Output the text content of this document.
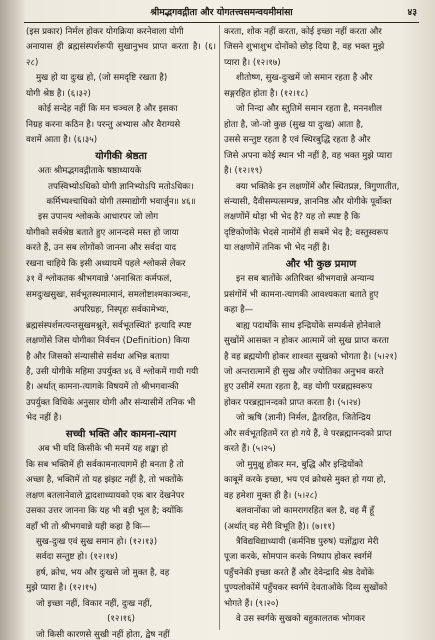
श्रीमद्भगवद्गीता और योगतत्त्वसमन्वयमीमांसा	४३

(इस प्रकार) निर्मल होकर योगक्रिया करनेवाला योगी

अनायास ही ब्रह्मसंस्पर्शरूपी सुखानुभव प्राप्त करता है। (६।२८)

मुख हो या दुःख हो, (जो समदृष्टि रखता है)

योगी श्रेष्ठ है। (६।३२)

कोई सन्देह नहीं कि मन चञ्चल है और इसका

निग्रह करना कठिन है। परन्तु अभ्यास और वैराग्यसे

वशमें आता है। (६।३५)

योगीकी श्रेष्ठता

अतः श्रीमद्भगवद्गीताके षष्ठाध्यायके

तपस्विभ्योऽधिको योगी ज्ञानिभ्योऽपि मतोऽधिकः।

कर्मिभ्यश्चाधिको योगी तस्माद्योगी भवार्जुन॥ ४६॥

इस उपान्त्य श्लोकके आधारपर जो लोग

योगीको सर्वश्रेष्ठ बताते हुए आनन्दसे मस्त हो जाया

करते हैं, उन सब लोगोंको जानना और सर्वदा याद

रखना चाहिये कि इसी अध्यायमें पहले श्लोकसे लेकर

३१ वें श्लोकतक श्रीभगवान्ने 'अनाश्रितः कर्मफलं,

समदुःखसुखः, सर्वभूतस्थमात्मानं, समलोष्टाश्मकाञ्चनः,

अपरिग्रहः, निस्पृहः सर्वकामेभ्यः,

ब्रह्मसंस्पर्शमत्यन्तसुखमश्नुते, सर्वभूतस्थितं' इत्यादि स्पष्ट

लक्षणोंसे जिस योगीका निर्वचन (Definition) किया

है और जिसको संन्यासीसे सर्वथा अभिन्न बताया

है, उसी योगीके महिमा उपर्युक्त ४६ वें श्लोकमें गायी गयी

है। अर्थात् कामना-त्यागके विषयमें तो श्रीभगवान्की

उपर्युक्त विधिके अनुसार योगी और संन्यासीमें तनिक भी

भेद नहीं है।

सच्ची भक्ति और कामना-त्याग

अब भी यदि किसीके भी मनमें यह शङ्का हो

कि सब भक्तिमें ही सर्वकामनात्यागमें ही बनता है तो

अच्छा है, भक्तिमें तो यह झंझट नहीं है, तो भक्तोंके

लक्षण बतलानेवाले द्वादशाध्यायको एक बार देखनेपर

उसका उत्तर जानना कि यह भी बड़ी भूल है; क्योंकि

वहाँ भी तो श्रीभगवान्ने यही कहा है कि—

सुख-दुःख एवं सुख समान हो। (१२।१३)

सर्वदा सन्तुष्ट हो। (१२।१४)

हर्ष, क्रोध, भय और दुःखसे जो मुक्त है, वह

मुझे प्यारा है। (१२।१५)

जो इच्छा नहीं, विकार नहीं, दुःख नहीं,

(१२।१६)

जो किसी कारणसे सुखी नहीं होता, द्वेष नहीं

करता, शोक नहीं करता, कोई इच्छा नहीं करता और

जिसने शुभाशुभ दोनोंको छोड़ दिया है, वह भक्त मुझे

प्यारा है। (१२।१७)

शीतोष्ण, सुख-दुःखमें जो समान रहता है और

सङ्गरहित होता है। (१२।१८)

जो निन्दा और स्तुतिमें समान रहता है, मननशील

होता है, जो-जो कुछ (सुख या दुःख) आता है,

उससे सन्तुष्ट रहता है एवं स्थिरबुद्धि रहता है और

जिसे अपना कोई स्थान भी नहीं है, वह भक्त मुझे प्यारा

है। (१२।१९)

क्या भक्तिके इन लक्षणोंमें और स्थितप्रज्ञ, त्रिगुणातीत,

संन्यासी, दैवीसम्पत्सम्पन्न, ज्ञाननिष्ठ और योगीके पूर्वोक्त

लक्षणोंमें थोड़ा भी भेद है? यह तो स्पष्ट है कि

दृष्टिकोणोंके भेदसे नामोंमें ही सबमें भेद है; वस्तुस्वरूप

या लक्षणोंमें तनिक भी भेद नहीं है।

और भी कुछ प्रमाण

इन सब बातोंके अतिरिक्त श्रीभगवान्ने अन्यान्य

प्रसंगोंमें भी कामना-त्यागकी आवश्यकता बताते हुए

कहा है—

बाह्य पदार्थोंके साथ इन्द्रियोंके सम्पर्कसे होनेवाले

सुखोंमें आसक्त न होकर आत्मामें जो सुख प्राप्त करता

है वह ब्रह्मयोगी होकर शाश्वत सुखको भोगता है। (५।२१)

जो अन्तरात्मामें ही सुख और ज्योतिका अनुभव करते

हुए उसीमें रमता रहता है, वह योगी परब्रह्मस्वरूप

होकर परब्रह्मानन्दको प्राप्त करता है। (५।२४)

जो ऋषि (ज्ञानी) निर्मल, द्वैतरहित, जितेन्द्रिय

और सर्वभूतहितमें रत हो गये हैं, वे परब्रह्मानन्दको प्राप्त

करते हैं। (५।२५)

जो मुमुक्षु होकर मन, बुद्धि और इन्द्रियोंको

काबूमें करके इच्छा, भय एवं क्रोधसे मुक्त हो गया हो,

वह हमेशा मुक्त ही है। (५।२८)

बलवानोंका जो कामरागरहित बल है, वह मैं हूँ

(अर्थात् वह मेरी विभूति है)। (७।११)

त्रैविद्यविद्याध्यायी (कर्मनिष्ठ पुरुष) यज्ञोंद्वारा मेरी

पूजा करके, सोमपान करके निष्पाप होकर स्वर्गमें

पहुँचनेकी इच्छा करते हैं और देवेन्द्रादि श्रेष्ठ देवोंके

पुण्यलोकोंमें पहुँचकर स्वर्गमें देवताओंके दिव्य सुखोंको

भोगते हैं। (९।२०)

वे उस स्वर्गके सुखको बहुकालतक भोगकर
